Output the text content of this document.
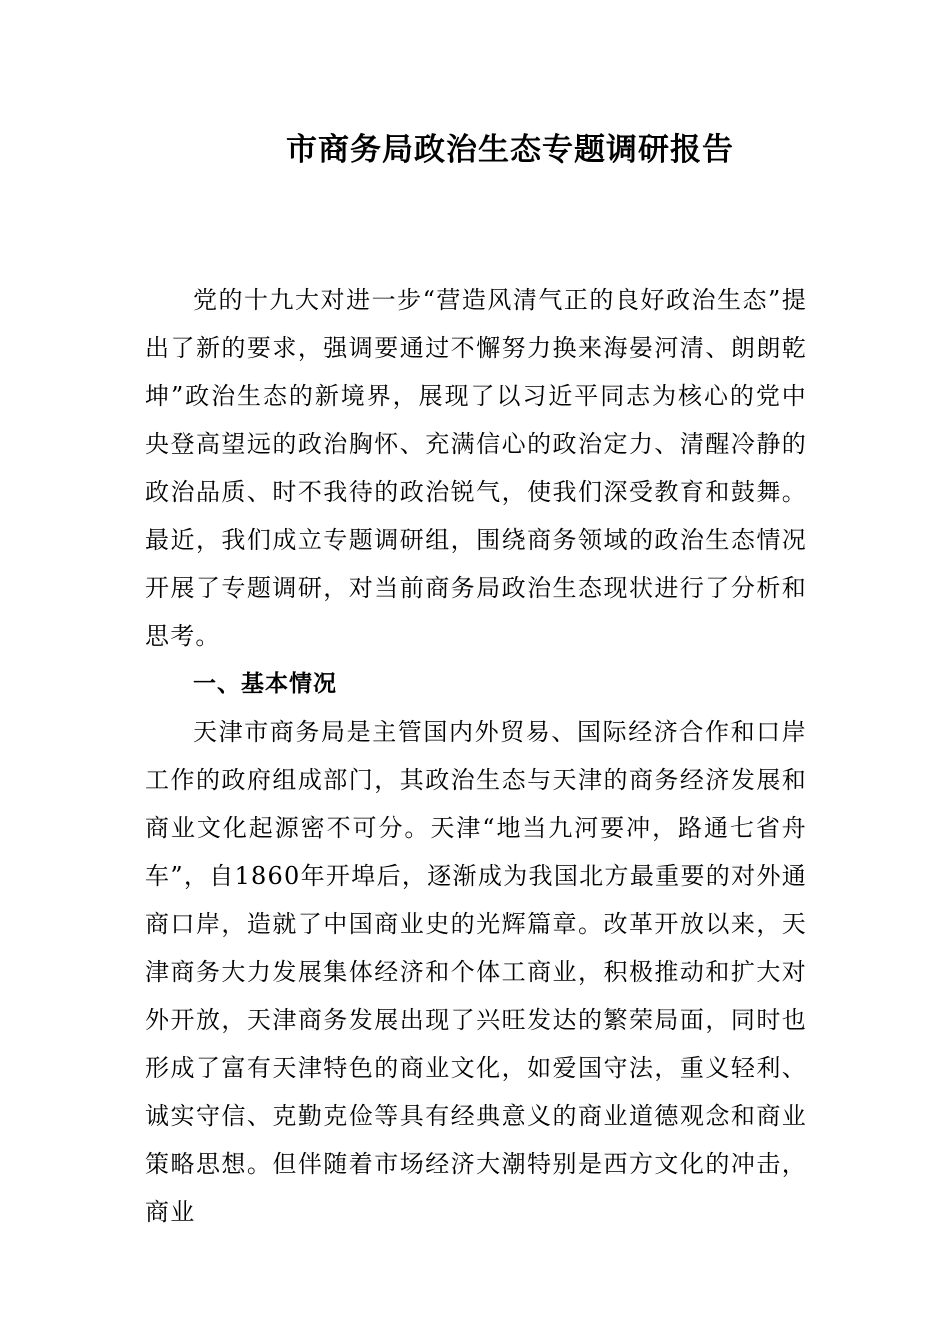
市商务局政治生态专题调研报告

党的十九大对进一步“营造风清气正的良好政治生态”提出了新的要求，强调要通过不懈努力换来海晏河清、朗朗乾坤”政治生态的新境界，展现了以习近平同志为核心的党中央登高望远的政治胸怀、充满信心的政治定力、清醒冷静的政治品质、时不我待的政治锐气，使我们深受教育和鼓舞。最近，我们成立专题调研组，围绕商务领域的政治生态情况开展了专题调研，对当前商务局政治生态现状进行了分析和思考。

一、基本情况

天津市商务局是主管国内外贸易、国际经济合作和口岸工作的政府组成部门，其政治生态与天津的商务经济发展和商业文化起源密不可分。天津“地当九河要冲，路通七省舟车”，自1860年开埠后，逐渐成为我国北方最重要的对外通商口岸，造就了中国商业史的光辉篇章。改革开放以来，天津商务大力发展集体经济和个体工商业，积极推动和扩大对外开放，天津商务发展出现了兴旺发达的繁荣局面，同时也形成了富有天津特色的商业文化，如爱国守法，重义轻利、诚实守信、克勤克俭等具有经典意义的商业道德观念和商业策略思想。但伴随着市场经济大潮特别是西方文化的冲击，商业
